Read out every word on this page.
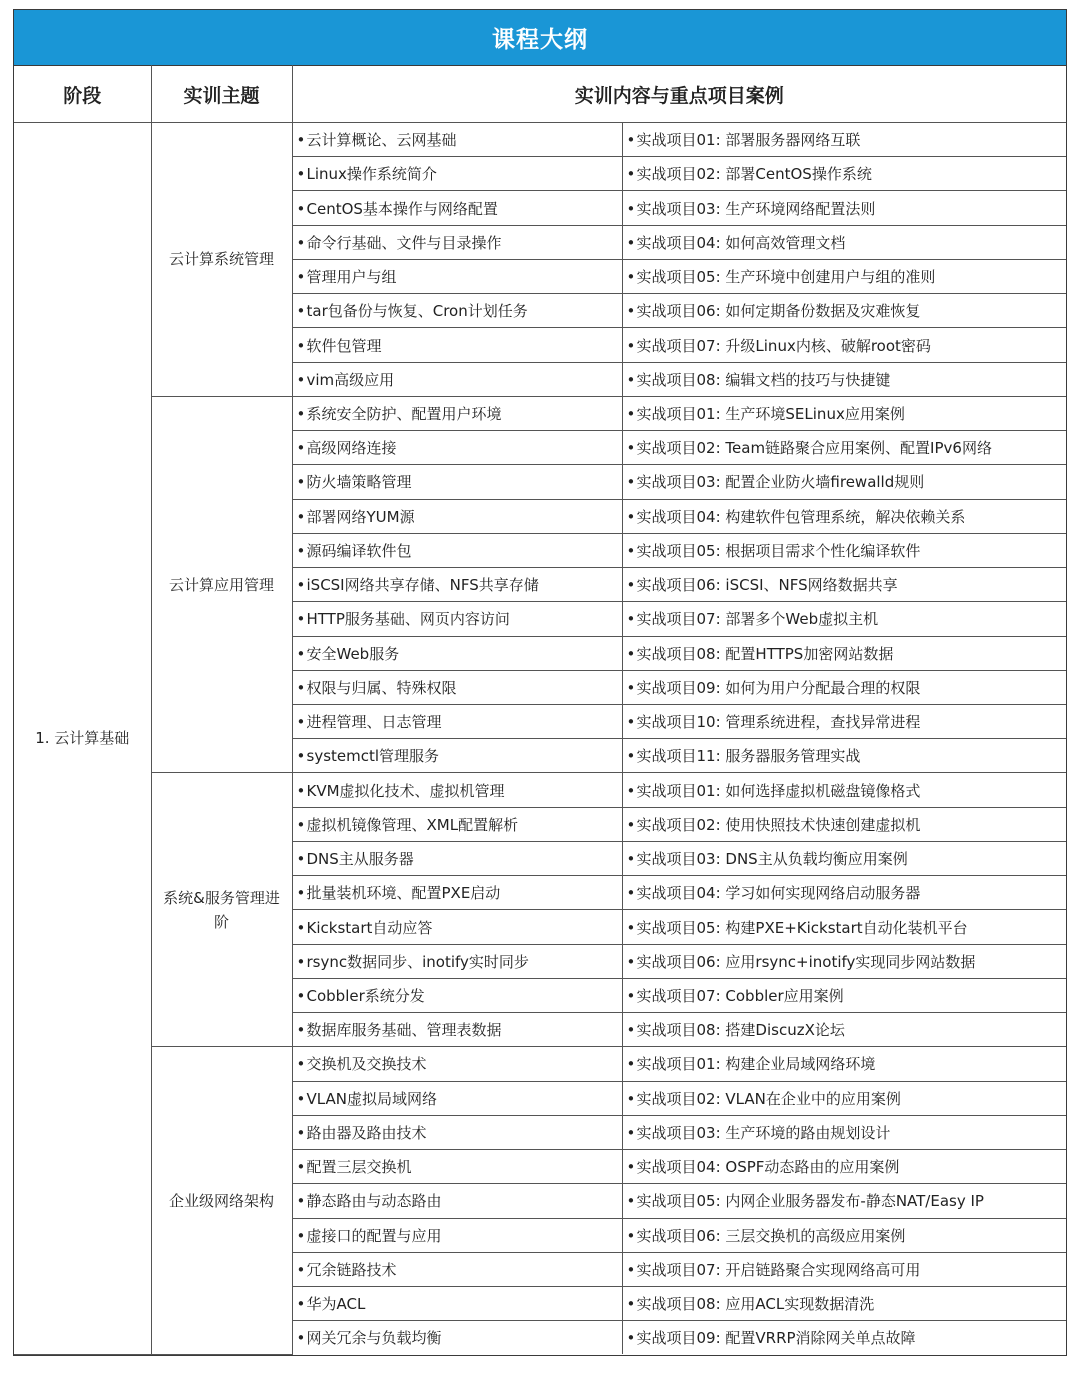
课程大纲
阶段	实训主题	实训内容与重点项目案例	
1. 云计算基础	云计算系统管理	•云计算概论、云网基础	•实战项目01: 部署服务器网络互联
		•Linux操作系统简介	•实战项目02: 部署CentOS操作系统
		•CentOS基本操作与网络配置	•实战项目03: 生产环境网络配置法则
		•命令行基础、文件与目录操作	•实战项目04: 如何高效管理文档
		•管理用户与组	•实战项目05: 生产环境中创建用户与组的准则
		•tar包备份与恢复、Cron计划任务	•实战项目06: 如何定期备份数据及灾难恢复
		•软件包管理	•实战项目07: 升级Linux内核、破解root密码
		•vim高级应用	•实战项目08: 编辑文档的技巧与快捷键
	云计算应用管理	•系统安全防护、配置用户环境	•实战项目01: 生产环境SELinux应用案例
		•高级网络连接	•实战项目02: Team链路聚合应用案例、配置IPv6网络
		•防火墙策略管理	•实战项目03: 配置企业防火墙firewalld规则
		•部署网络YUM源	•实战项目04: 构建软件包管理系统，解决依赖关系
		•源码编译软件包	•实战项目05: 根据项目需求个性化编译软件
		•iSCSI网络共享存储、NFS共享存储	•实战项目06: iSCSI、NFS网络数据共享
		•HTTP服务基础、网页内容访问	•实战项目07: 部署多个Web虚拟主机
		•安全Web服务	•实战项目08: 配置HTTPS加密网站数据
		•权限与归属、特殊权限	•实战项目09: 如何为用户分配最合理的权限
		•进程管理、日志管理	•实战项目10: 管理系统进程，查找异常进程
		•systemctl管理服务	•实战项目11: 服务器服务管理实战
	系统&服务管理进阶	•KVM虚拟化技术、虚拟机管理	•实战项目01: 如何选择虚拟机磁盘镜像格式
		•虚拟机镜像管理、XML配置解析	•实战项目02: 使用快照技术快速创建虚拟机
		•DNS主从服务器	•实战项目03: DNS主从负载均衡应用案例
		•批量装机环境、配置PXE启动	•实战项目04: 学习如何实现网络启动服务器
		•Kickstart自动应答	•实战项目05: 构建PXE+Kickstart自动化装机平台
		•rsync数据同步、inotify实时同步	•实战项目06: 应用rsync+inotify实现同步网站数据
		•Cobbler系统分发	•实战项目07: Cobbler应用案例
		•数据库服务基础、管理表数据	•实战项目08: 搭建DiscuzX论坛
	企业级网络架构	•交换机及交换技术	•实战项目01: 构建企业局域网络环境
		•VLAN虚拟局域网络	•实战项目02: VLAN在企业中的应用案例
		•路由器及路由技术	•实战项目03: 生产环境的路由规划设计
		•配置三层交换机	•实战项目04: OSPF动态路由的应用案例
		•静态路由与动态路由	•实战项目05: 内网企业服务器发布-静态NAT/Easy IP
		•虚接口的配置与应用	•实战项目06: 三层交换机的高级应用案例
		•冗余链路技术	•实战项目07: 开启链路聚合实现网络高可用
		•华为ACL	•实战项目08: 应用ACL实现数据清洗
		•网关冗余与负载均衡	•实战项目09: 配置VRRP消除网关单点故障
